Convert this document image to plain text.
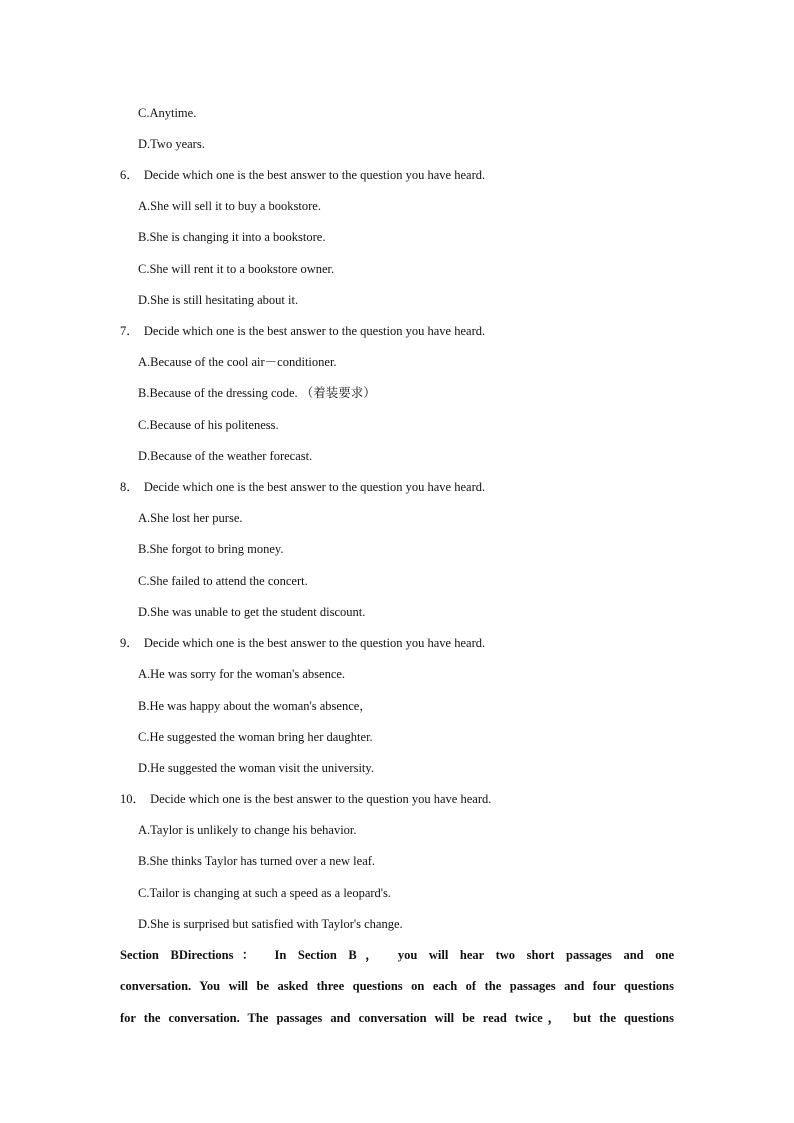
C.Anytime.
D.Two years.
6． Decide which one is the best answer to the question you have heard.
A.She will sell it to buy a bookstore.
B.She is changing it into a bookstore.
C.She will rent it to a bookstore owner.
D.She is still hesitating about it.
7． Decide which one is the best answer to the question you have heard.
A.Because of the cool air－conditioner.
B.Because of the dressing code. （着装要求）
C.Because of his politeness.
D.Because of the weather forecast.
8． Decide which one is the best answer to the question you have heard.
A.She lost her purse.
B.She forgot to bring money.
C.She failed to attend the concert.
D.She was unable to get the student discount.
9． Decide which one is the best answer to the question you have heard.
A.He was sorry for the woman's absence.
B.He was happy about the woman's absence，
C.He suggested the woman bring her daughter.
D.He suggested the woman visit the university.
10． Decide which one is the best answer to the question you have heard.
A.Taylor is unlikely to change his behavior.
B.She thinks Taylor has turned over a new leaf.
C.Tailor is changing at such a speed as a leopard's.
D.She is surprised but satisfied with Taylor's change.
Section BDirections： In Section B， you will hear two short passages and one
conversation. You will be asked three questions on each of the passages and four questions
for the conversation. The passages and conversation will be read twice， but the questions
